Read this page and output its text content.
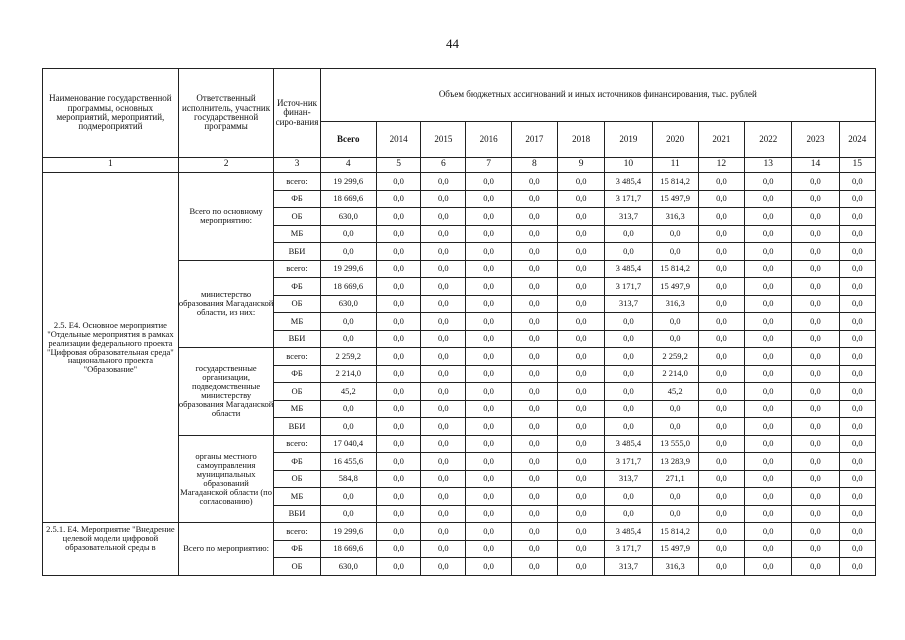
44
Наименование государственной программы, основных мероприятий, мероприятий, подмероприятий	Ответственный исполнитель, участник государственной программы	Источ-ник финан-сиро-вания	Объем бюджетных ассигнований и иных источников финансирования, тыс. рублей											
			Всего	2014	2015	2016	2017	2018	2019	2020	2021	2022	2023	2024
1	2	3	4	5	6	7	8	9	10	11	12	13	14	15
2.5. Е4. Основное мероприятие "Отдельные мероприятия в рамках реализации федерального проекта "Цифровая образовательная среда" национального проекта "Образование"	Всего по основному мероприятию:	всего:	19 299,6	0,0	0,0	0,0	0,0	0,0	3 485,4	15 814,2	0,0	0,0	0,0	0,0
		ФБ	18 669,6	0,0	0,0	0,0	0,0	0,0	3 171,7	15 497,9	0,0	0,0	0,0	0,0
		ОБ	630,0	0,0	0,0	0,0	0,0	0,0	313,7	316,3	0,0	0,0	0,0	0,0
		МБ	0,0	0,0	0,0	0,0	0,0	0,0	0,0	0,0	0,0	0,0	0,0	0,0
		ВБИ	0,0	0,0	0,0	0,0	0,0	0,0	0,0	0,0	0,0	0,0	0,0	0,0
	министерство образования Магаданской области, из них:	всего:	19 299,6	0,0	0,0	0,0	0,0	0,0	3 485,4	15 814,2	0,0	0,0	0,0	0,0
		ФБ	18 669,6	0,0	0,0	0,0	0,0	0,0	3 171,7	15 497,9	0,0	0,0	0,0	0,0
		ОБ	630,0	0,0	0,0	0,0	0,0	0,0	313,7	316,3	0,0	0,0	0,0	0,0
		МБ	0,0	0,0	0,0	0,0	0,0	0,0	0,0	0,0	0,0	0,0	0,0	0,0
		ВБИ	0,0	0,0	0,0	0,0	0,0	0,0	0,0	0,0	0,0	0,0	0,0	0,0
	государственные организации, подведомственные министерству образования Магаданской области	всего:	2 259,2	0,0	0,0	0,0	0,0	0,0	0,0	2 259,2	0,0	0,0	0,0	0,0
		ФБ	2 214,0	0,0	0,0	0,0	0,0	0,0	0,0	2 214,0	0,0	0,0	0,0	0,0
		ОБ	45,2	0,0	0,0	0,0	0,0	0,0	0,0	45,2	0,0	0,0	0,0	0,0
		МБ	0,0	0,0	0,0	0,0	0,0	0,0	0,0	0,0	0,0	0,0	0,0	0,0
		ВБИ	0,0	0,0	0,0	0,0	0,0	0,0	0,0	0,0	0,0	0,0	0,0	0,0
	органы местного самоуправления муниципальных образований Магаданской области (по согласованию)	всего:	17 040,4	0,0	0,0	0,0	0,0	0,0	3 485,4	13 555,0	0,0	0,0	0,0	0,0
		ФБ	16 455,6	0,0	0,0	0,0	0,0	0,0	3 171,7	13 283,9	0,0	0,0	0,0	0,0
		ОБ	584,8	0,0	0,0	0,0	0,0	0,0	313,7	271,1	0,0	0,0	0,0	0,0
		МБ	0,0	0,0	0,0	0,0	0,0	0,0	0,0	0,0	0,0	0,0	0,0	0,0
		ВБИ	0,0	0,0	0,0	0,0	0,0	0,0	0,0	0,0	0,0	0,0	0,0	0,0
2.5.1. Е4. Мероприятие "Внедрение целевой модели цифровой образовательной среды в	Всего по мероприятию:	всего:	19 299,6	0,0	0,0	0,0	0,0	0,0	3 485,4	15 814,2	0,0	0,0	0,0	0,0
		ФБ	18 669,6	0,0	0,0	0,0	0,0	0,0	3 171,7	15 497,9	0,0	0,0	0,0	0,0
		ОБ	630,0	0,0	0,0	0,0	0,0	0,0	313,7	316,3	0,0	0,0	0,0	0,0
